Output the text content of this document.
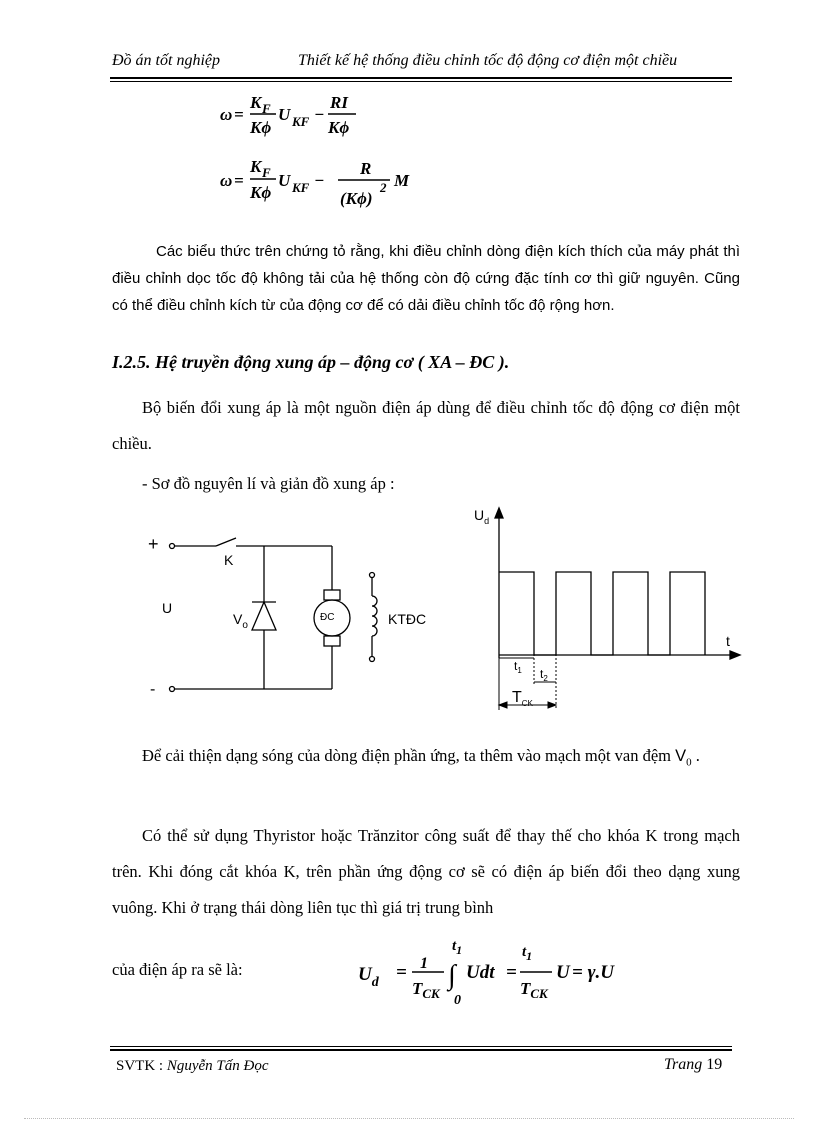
Đồ án tốt nghiệp	Thiết kế hệ thống điều chỉnh tốc độ động cơ điện một chiều
ω =
K F
Kϕ
U KF −
RI
Kϕ
ω =
K F
Kϕ
U KF −
R
(Kϕ)
2 M
Các biểu thức trên chứng tỏ rằng, khi điều chỉnh dòng điện kích thích của máy phát thì điều chỉnh dọc tốc độ không tải của hệ thống còn độ cứng đặc tính cơ thì giữ nguyên. Cũng có thể điều chỉnh kích từ của động cơ để có dải điều chỉnh tốc độ rộng hơn.
I.2.5. Hệ truyền động xung áp – động cơ ( XA – ĐC ).
Bộ biến đổi xung áp là một nguồn điện áp dùng để điều chỉnh tốc độ động cơ điện một chiều.
- Sơ đồ nguyên lí và giản đồ xung áp :
+
-
K
U
$V_o$
ĐC	KTĐC
$U_d$
t
$t_1$ $t_2$
$T_{CK}$
Để cải thiện dạng sóng của dòng điện phần ứng, ta thêm vào mạch một van đệm $V_0$ .
Có thể sử dụng Thyristor hoặc Trănzitor công suất để thay thế cho khóa K trong mạch trên. Khi đóng cắt khóa K, trên phần ứng động cơ sẽ có điện áp biến đổi theo dạng xung vuông. Khi ở trạng thái dòng liên tục thì giá trị trung bình
của điện áp ra sẽ là:	$U_d = 1$
$T_{CK}$
∫
$t_1$
0
Udt =
$t_1$
$T_{CK}$
U = γ.U
SVTK : Nguyễn Tấn Đọc	Trang 19
